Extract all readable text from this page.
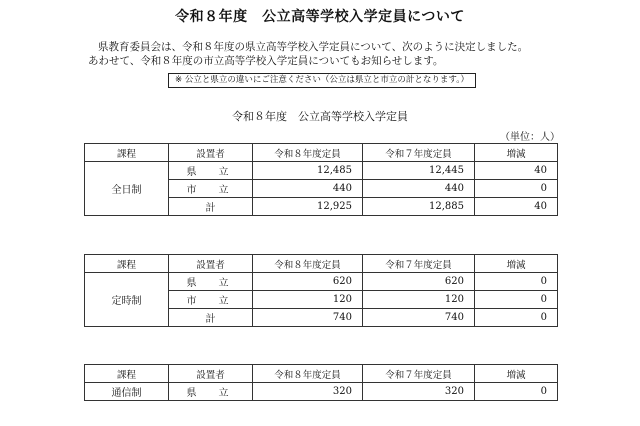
令和８年度　公立高等学校入学定員について
県教育委員会は、令和８年度の県立高等学校入学定員について、次のように決定しました。
あわせて、令和８年度の市立高等学校入学定員についてもお知らせします。
※ 公立と県立の違いにご注意ください（公立は県立と市立の計となります。）
令和８年度　公立高等学校入学定員
（単位：人）
課程	設置者	令和８年度定員	令和７年度定員	増減
全日制	県　立	12,485	12,445	40
	市　立	440	440	0
	計	12,925	12,885	40
課程	設置者	令和８年度定員	令和７年度定員	増減
定時制	県　立	620	620	0
	市　立	120	120	0
	計	740	740	0
課程	設置者	令和８年度定員	令和７年度定員	増減
通信制	県　立	320	320	0
